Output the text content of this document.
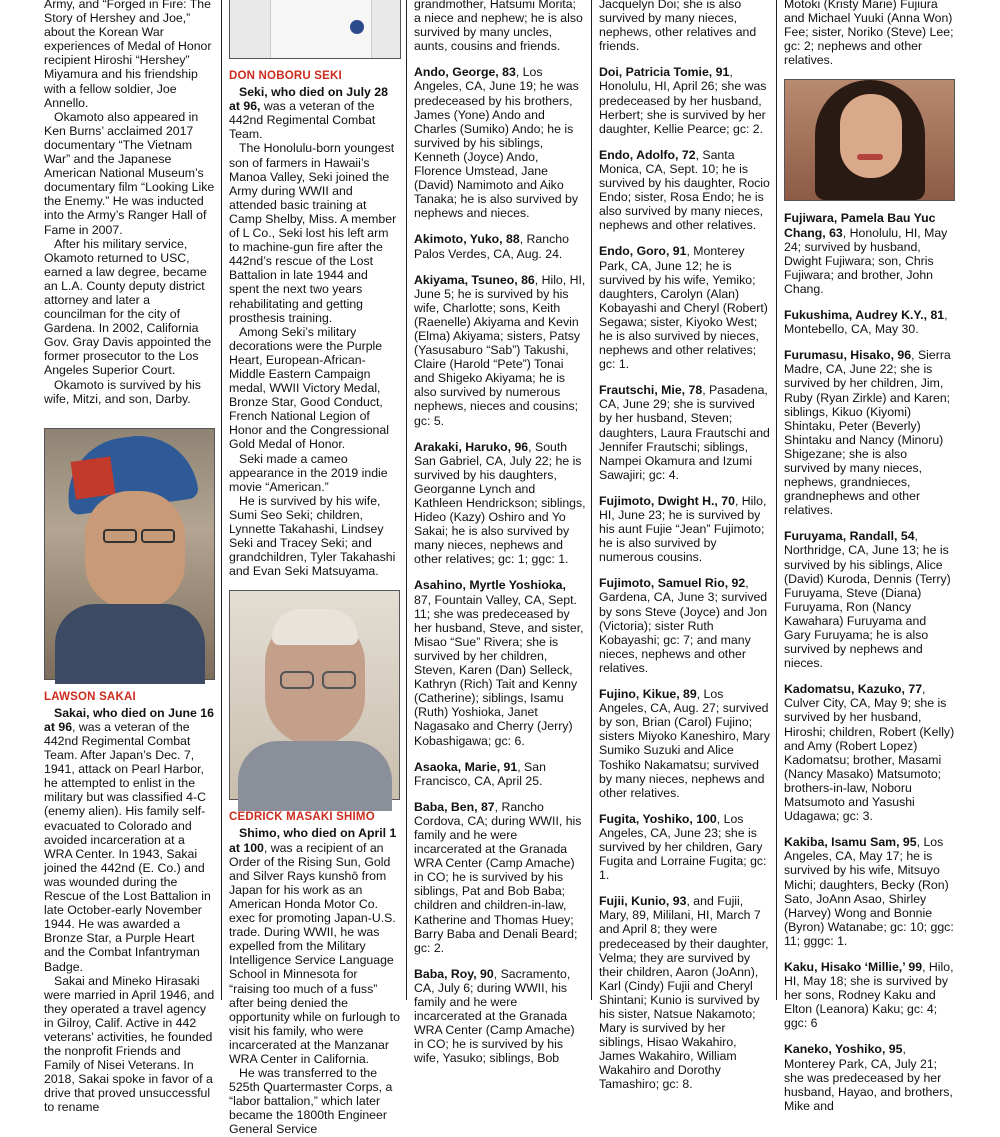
Army, and “Forged in Fire: The Story of Hershey and Joe,” about the Korean War experiences of Medal of Honor recipient Hiroshi “Hershey” Miyamura and his friendship with a fellow soldier, Joe Annello.

Okamoto also appeared in Ken Burns’ acclaimed 2017 documentary “The Vietnam War” and the Japanese American National Museum’s documentary film “Looking Like the Enemy.” He was inducted into the Army’s Ranger Hall of Fame in 2007.

After his military service, Okamoto returned to USC, earned a law degree, became an L.A. County deputy district attorney and later a councilman for the city of Gardena. In 2002, California Gov. Gray Davis appointed the former prosecutor to the Los Angeles Superior Court.

Okamoto is survived by his wife, Mitzi, and son, Darby.

LAWSON SAKAI

Sakai, who died on June 16 at 96, was a veteran of the 442nd Regimental Combat Team. After Japan’s Dec. 7, 1941, attack on Pearl Harbor, he attempted to enlist in the military but was classified 4-C (enemy alien). His family self-evacuated to Colorado and avoided incarceration at a WRA Center. In 1943, Sakai joined the 442nd (E. Co.) and was wounded during the Rescue of the Lost Battalion in late October-early November 1944. He was awarded a Bronze Star, a Purple Heart and the Combat Infantryman Badge.

Sakai and Mineko Hirasaki were married in April 1946, and they operated a travel agency in Gilroy, Calif. Active in 442 veterans’ activities, he founded the nonprofit Friends and Family of Nisei Veterans. In 2018, Sakai spoke in favor of a drive that proved unsuccessful to rename

DON NOBORU SEKI

Seki, who died on July 28 at 96, was a veteran of the 442nd Regimental Combat Team.

The Honolulu-born youngest son of farmers in Hawaii’s Manoa Valley, Seki joined the Army during WWII and attended basic training at Camp Shelby, Miss. A member of L Co., Seki lost his left arm to machine-gun fire after the 442nd’s rescue of the Lost Battalion in late 1944 and spent the next two years rehabilitating and getting prosthesis training.

Among Seki’s military decorations were the Purple Heart, European-African-Middle Eastern Campaign medal, WWII Victory Medal, Bronze Star, Good Conduct, French National Legion of Honor and the Congressional Gold Medal of Honor.

Seki made a cameo appearance in the 2019 indie movie “American.”

He is survived by his wife, Sumi Seo Seki; children, Lynnette Takahashi, Lindsey Seki and Tracey Seki; and grandchildren, Tyler Takahashi and Evan Seki Matsuyama.

CEDRICK MASAKI SHIMO

Shimo, who died on April 1 at 100, was a recipient of an Order of the Rising Sun, Gold and Silver Rays kunshō from Japan for his work as an American Honda Motor Co. exec for promoting Japan-U.S. trade. During WWII, he was expelled from the Military Intelligence Service Language School in Minnesota for “raising too much of a fuss” after being denied the opportunity while on furlough to visit his family, who were incarcerated at the Manzanar WRA Center in California.

He was transferred to the 525th Quartermaster Corps, a “labor battalion,” which later became the 1800th Engineer General Service

grandmother, Hatsumi Morita; a niece and nephew; he is also survived by many uncles, aunts, cousins and friends.
Ando, George, 83, Los Angeles, CA, June 19; he was predeceased by his brothers, James (Yone) Ando and Charles (Sumiko) Ando; he is survived by his siblings, Kenneth (Joyce) Ando, Florence Umstead, Jane (David) Namimoto and Aiko Tanaka; he is also survived by nephews and nieces.
Akimoto, Yuko, 88, Rancho Palos Verdes, CA, Aug. 24.
Akiyama, Tsuneo, 86, Hilo, HI, June 5; he is survived by his wife, Charlotte; sons, Keith (Raenelle) Akiyama and Kevin (Elma) Akiyama; sisters, Patsy (Yasusaburo “Sab”) Takushi, Claire (Harold “Pete”) Tonai and Shigeko Akiyama; he is also survived by numerous nephews, nieces and cousins; gc: 5.
Arakaki, Haruko, 96, South San Gabriel, CA, July 22; he is survived by his daughters, Georganne Lynch and Kathleen Hendrickson; siblings, Hideo (Kazy) Oshiro and Yo Sakai; he is also survived by many nieces, nephews and other relatives; gc: 1; ggc: 1.
Asahino, Myrtle Yoshioka, 87, Fountain Valley, CA, Sept. 11; she was predeceased by her husband, Steve, and sister, Misao “Sue” Rivera; she is survived by her children, Steven, Karen (Dan) Selleck, Kathryn (Rich) Tait and Kenny (Catherine); siblings, Isamu (Ruth) Yoshioka, Janet Nagasako and Cherry (Jerry) Kobashigawa; gc: 6.
Asaoka, Marie, 91, San Francisco, CA, April 25.
Baba, Ben, 87, Rancho Cordova, CA; during WWII, his family and he were incarcerated at the Granada WRA Center (Camp Amache) in CO; he is survived by his siblings, Pat and Bob Baba; children and children-in-law, Katherine and Thomas Huey; Barry Baba and Denali Beard; gc: 2.
Baba, Roy, 90, Sacramento, CA, July 6; during WWII, his family and he were incarcerated at the Granada WRA Center (Camp Amache) in CO; he is survived by his wife, Yasuko; siblings, Bob
Jacquelyn Doi; she is also survived by many nieces, nephews, other relatives and friends.
Doi, Patricia Tomie, 91, Honolulu, HI, April 26; she was predeceased by her husband, Herbert; she is survived by her daughter, Kellie Pearce; gc: 2.
Endo, Adolfo, 72, Santa Monica, CA, Sept. 10; he is survived by his daughter, Rocio Endo; sister, Rosa Endo; he is also survived by many nieces, nephews and other relatives.
Endo, Goro, 91, Monterey Park, CA, June 12; he is survived by his wife, Yemiko; daughters, Carolyn (Alan) Kobayashi and Cheryl (Robert) Segawa; sister, Kiyoko West; he is also survived by nieces, nephews and other relatives; gc: 1.
Frautschi, Mie, 78, Pasadena, CA, June 29; she is survived by her husband, Steven; daughters, Laura Frautschi and Jennifer Frautschi; siblings, Nampei Okamura and Izumi Sawajiri; gc: 4.
Fujimoto, Dwight H., 70, Hilo, HI, June 23; he is survived by his aunt Fujie “Jean” Fujimoto; he is also survived by numerous cousins.
Fujimoto, Samuel Rio, 92, Gardena, CA, June 3; survived by sons Steve (Joyce) and Jon (Victoria); sister Ruth Kobayashi; gc: 7; and many nieces, nephews and other relatives.
Fujino, Kikue, 89, Los Angeles, CA, Aug. 27; survived by son, Brian (Carol) Fujino; sisters Miyoko Kaneshiro, Mary Sumiko Suzuki and Alice Toshiko Nakamatsu; survived by many nieces, nephews and other relatives.
Fugita, Yoshiko, 100, Los Angeles, CA, June 23; she is survived by her children, Gary Fugita and Lorraine Fugita; gc: 1.
Fujii, Kunio, 93, and Fujii, Mary, 89, Mililani, HI, March 7 and April 8; they were predeceased by their daughter, Velma; they are survived by their children, Aaron (JoAnn), Karl (Cindy) Fujii and Cheryl Shintani; Kunio is survived by his sister, Natsue Nakamoto; Mary is survived by her siblings, Hisao Wakahiro, James Wakahiro, William Wakahiro and Dorothy Tamashiro; gc: 8.
Motoki (Kristy Marie) Fujiura and Michael Yuuki (Anna Won) Fee; sister, Noriko (Steve) Lee; gc: 2; nephews and other relatives.
Fujiwara, Pamela Bau Yuc Chang, 63, Honolulu, HI, May 24; survived by husband, Dwight Fujiwara; son, Chris Fujiwara; and brother, John Chang.
Fukushima, Audrey K.Y., 81, Montebello, CA, May 30.
Furumasu, Hisako, 96, Sierra Madre, CA, June 22; she is survived by her children, Jim, Ruby (Ryan Zirkle) and Karen; siblings, Kikuo (Kiyomi) Shintaku, Peter (Beverly) Shintaku and Nancy (Minoru) Shigezane; she is also survived by many nieces, nephews, grandnieces, grandnephews and other relatives.
Furuyama, Randall, 54, Northridge, CA, June 13; he is survived by his siblings, Alice (David) Kuroda, Dennis (Terry) Furuyama, Steve (Diana) Furuyama, Ron (Nancy Kawahara) Furuyama and Gary Furuyama; he is also survived by nephews and nieces.
Kadomatsu, Kazuko, 77, Culver City, CA, May 9; she is survived by her husband, Hiroshi; children, Robert (Kelly) and Amy (Robert Lopez) Kadomatsu; brother, Masami (Nancy Masako) Matsumoto; brothers-in-law, Noboru Matsumoto and Yasushi Udagawa; gc: 3.
Kakiba, Isamu Sam, 95, Los Angeles, CA, May 17; he is survived by his wife, Mitsuyo Michi; daughters, Becky (Ron) Sato, JoAnn Asao, Shirley (Harvey) Wong and Bonnie (Byron) Watanabe; gc: 10; ggc: 11; gggc: 1.
Kaku, Hisako ‘Millie,’ 99, Hilo, HI, May 18; she is survived by her sons, Rodney Kaku and Elton (Leanora) Kaku; gc: 4; ggc: 6
Kaneko, Yoshiko, 95, Monterey Park, CA, July 21; she was predeceased by her husband, Hayao, and brothers, Mike and
